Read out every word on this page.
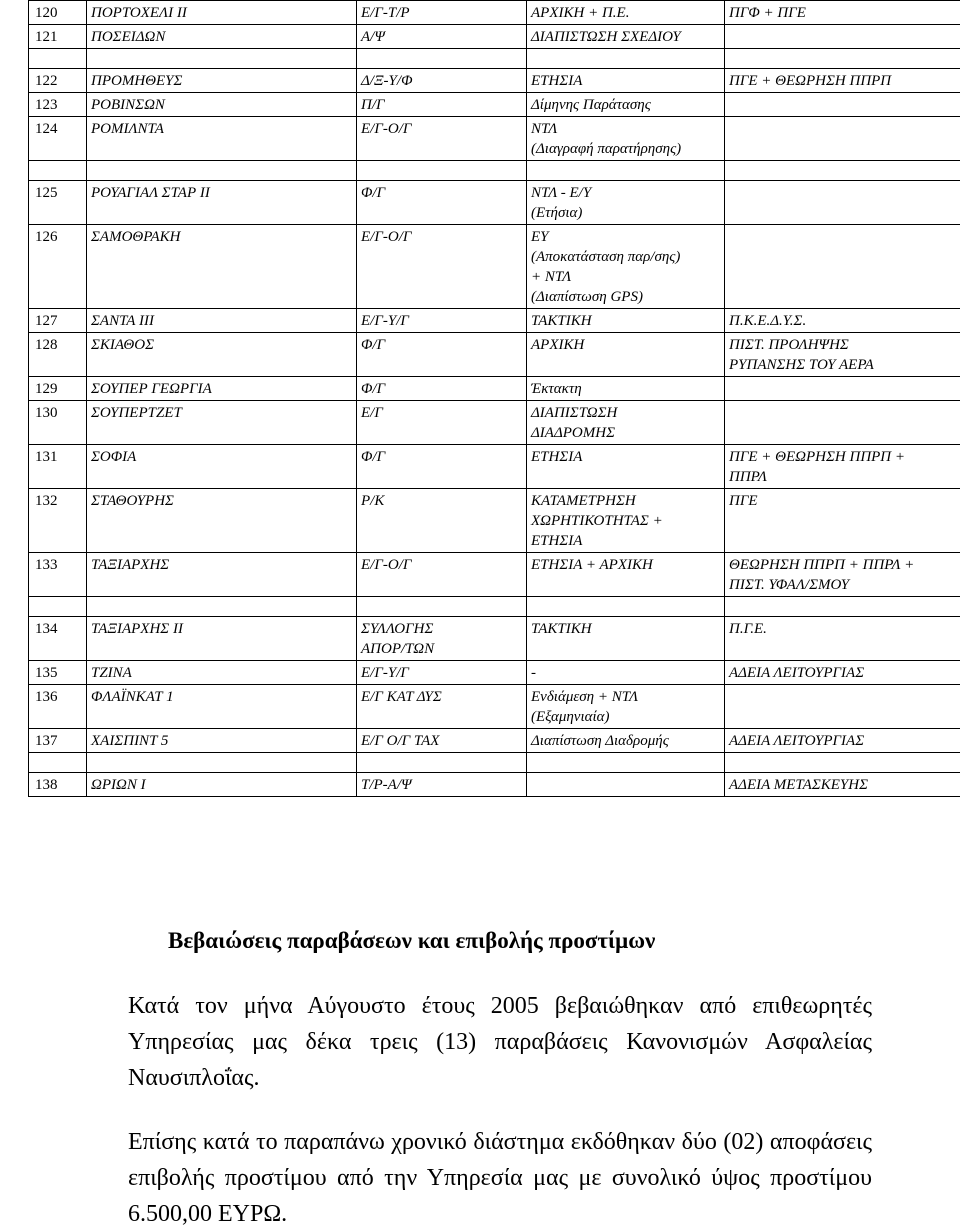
120	ΠΟΡΤΟΧΕΛΙ ΙΙ	Ε/Γ-Τ/Ρ	ΑΡΧΙΚΗ + Π.Ε.	ΠΓΦ + ΠΓΕ
121	ΠΟΣΕΙΔΩΝ	Α/Ψ	ΔΙΑΠΙΣΤΩΣΗ ΣΧΕΔΙΟΥ	

122	ΠΡΟΜΗΘΕΥΣ	Δ/Ξ-Υ/Φ	ΕΤΗΣΙΑ	ΠΓΕ + ΘΕΩΡΗΣΗ ΠΠΡΠ
123	ΡΟΒΙΝΣΩΝ	Π/Γ	Δίμηνης Παράτασης	
124	ΡΟΜΙΛΝΤΑ	Ε/Γ-Ο/Γ	ΝΤΛ
(Διαγραφή παρατήρησης)	

125	ΡΟΥΑΓΙΑΛ ΣΤΑΡ ΙΙ	Φ/Γ	ΝΤΛ - Ε/Υ
(Ετήσια)	
126	ΣΑΜΟΘΡΑΚΗ	Ε/Γ-Ο/Γ	ΕΥ
(Αποκατάσταση παρ/σης)
+ ΝΤΛ
(Διαπίστωση GPS)	
127	ΣΑΝΤΑ ΙΙΙ	Ε/Γ-Υ/Γ	ΤΑΚΤΙΚΗ	Π.Κ.Ε.Δ.Υ.Σ.
128	ΣΚΙΑΘΟΣ	Φ/Γ	ΑΡΧΙΚΗ	ΠΙΣΤ. ΠΡΟΛΗΨΗΣ
ΡΥΠΑΝΣΗΣ ΤΟΥ ΑΕΡΑ
129	ΣΟΥΠΕΡ ΓΕΩΡΓΙΑ	Φ/Γ	Έκτακτη	
130	ΣΟΥΠΕΡΤΖΕΤ	Ε/Γ	ΔΙΑΠΙΣΤΩΣΗ
ΔΙΑΔΡΟΜΗΣ	
131	ΣΟΦΙΑ	Φ/Γ	ΕΤΗΣΙΑ	ΠΓΕ + ΘΕΩΡΗΣΗ ΠΠΡΠ +
ΠΠΡΛ
132	ΣΤΑΘΟΥΡΗΣ	Ρ/Κ	ΚΑΤΑΜΕΤΡΗΣΗ
ΧΩΡΗΤΙΚΟΤΗΤΑΣ +
ΕΤΗΣΙΑ	ΠΓΕ
133	ΤΑΞΙΑΡΧΗΣ	Ε/Γ-Ο/Γ	ΕΤΗΣΙΑ + ΑΡΧΙΚΗ	ΘΕΩΡΗΣΗ ΠΠΡΠ + ΠΠΡΛ +
ΠΙΣΤ. ΥΦΑΛ/ΣΜΟΥ

134	ΤΑΞΙΑΡΧΗΣ ΙΙ	ΣΥΛΛΟΓΗΣ
ΑΠΟΡ/ΤΩΝ	ΤΑΚΤΙΚΗ	Π.Γ.Ε.
135	ΤΖΙΝΑ	Ε/Γ-Υ/Γ	-	ΑΔΕΙΑ ΛΕΙΤΟΥΡΓΙΑΣ
136	ΦΛΑΪΝΚΑΤ 1	Ε/Γ ΚΑΤ ΔΥΣ	Ενδιάμεση + ΝΤΛ
(Εξαμηνιαία)	
137	ΧΑΙΣΠΙΝΤ 5	Ε/Γ Ο/Γ ΤΑΧ	Διαπίστωση Διαδρομής	ΑΔΕΙΑ ΛΕΙΤΟΥΡΓΙΑΣ

138	ΩΡΙΩΝ Ι	Τ/Ρ-Α/Ψ		ΑΔΕΙΑ ΜΕΤΑΣΚΕΥΗΣ
Βεβαιώσεις παραβάσεων και επιβολής προστίμων

Κατά τον μήνα Αύγουστο έτους 2005 βεβαιώθηκαν από επιθεωρητές Υπηρεσίας μας δέκα τρεις (13) παραβάσεις Κανονισμών Ασφαλείας Ναυσιπλοΐας.

Επίσης κατά το παραπάνω χρονικό διάστημα εκδόθηκαν δύο (02) αποφάσεις επιβολής προστίμου από την Υπηρεσία μας με συνολικό ύψος προστίμου 6.500,00 ΕΥΡΩ.
